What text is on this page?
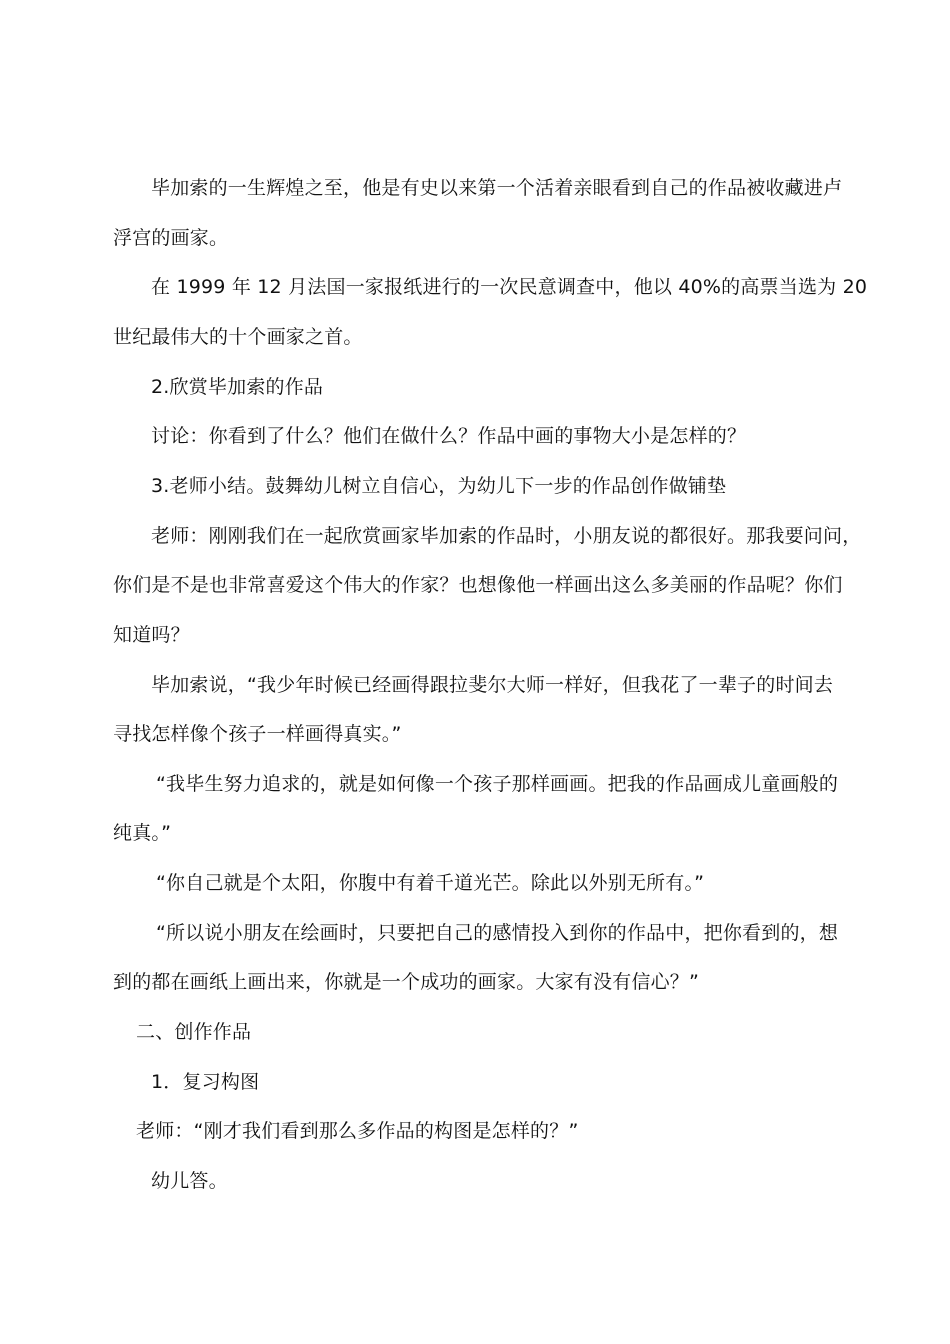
毕加索的一生辉煌之至，他是有史以来第一个活着亲眼看到自己的作品被收藏进卢
浮宫的画家。
在 1999 年 12 月法国一家报纸进行的一次民意调查中，他以 40%的高票当选为 20
世纪最伟大的十个画家之首。
2.欣赏毕加索的作品
讨论：你看到了什么？他们在做什么？作品中画的事物大小是怎样的？
3.老师小结。鼓舞幼儿树立自信心，为幼儿下一步的作品创作做铺垫
老师：刚刚我们在一起欣赏画家毕加索的作品时，小朋友说的都很好。那我要问问，
你们是不是也非常喜爱这个伟大的作家？也想像他一样画出这么多美丽的作品呢？你们
知道吗？
毕加索说，“我少年时候已经画得跟拉斐尔大师一样好，但我花了一辈子的时间去
寻找怎样像个孩子一样画得真实。”
“我毕生努力追求的，就是如何像一个孩子那样画画。把我的作品画成儿童画般的
纯真。”
“你自己就是个太阳，你腹中有着千道光芒。除此以外别无所有。”
“所以说小朋友在绘画时，只要把自己的感情投入到你的作品中，把你看到的，想
到的都在画纸上画出来，你就是一个成功的画家。大家有没有信心？”
二、创作作品
1．复习构图
老师：“刚才我们看到那么多作品的构图是怎样的？”
幼儿答。
